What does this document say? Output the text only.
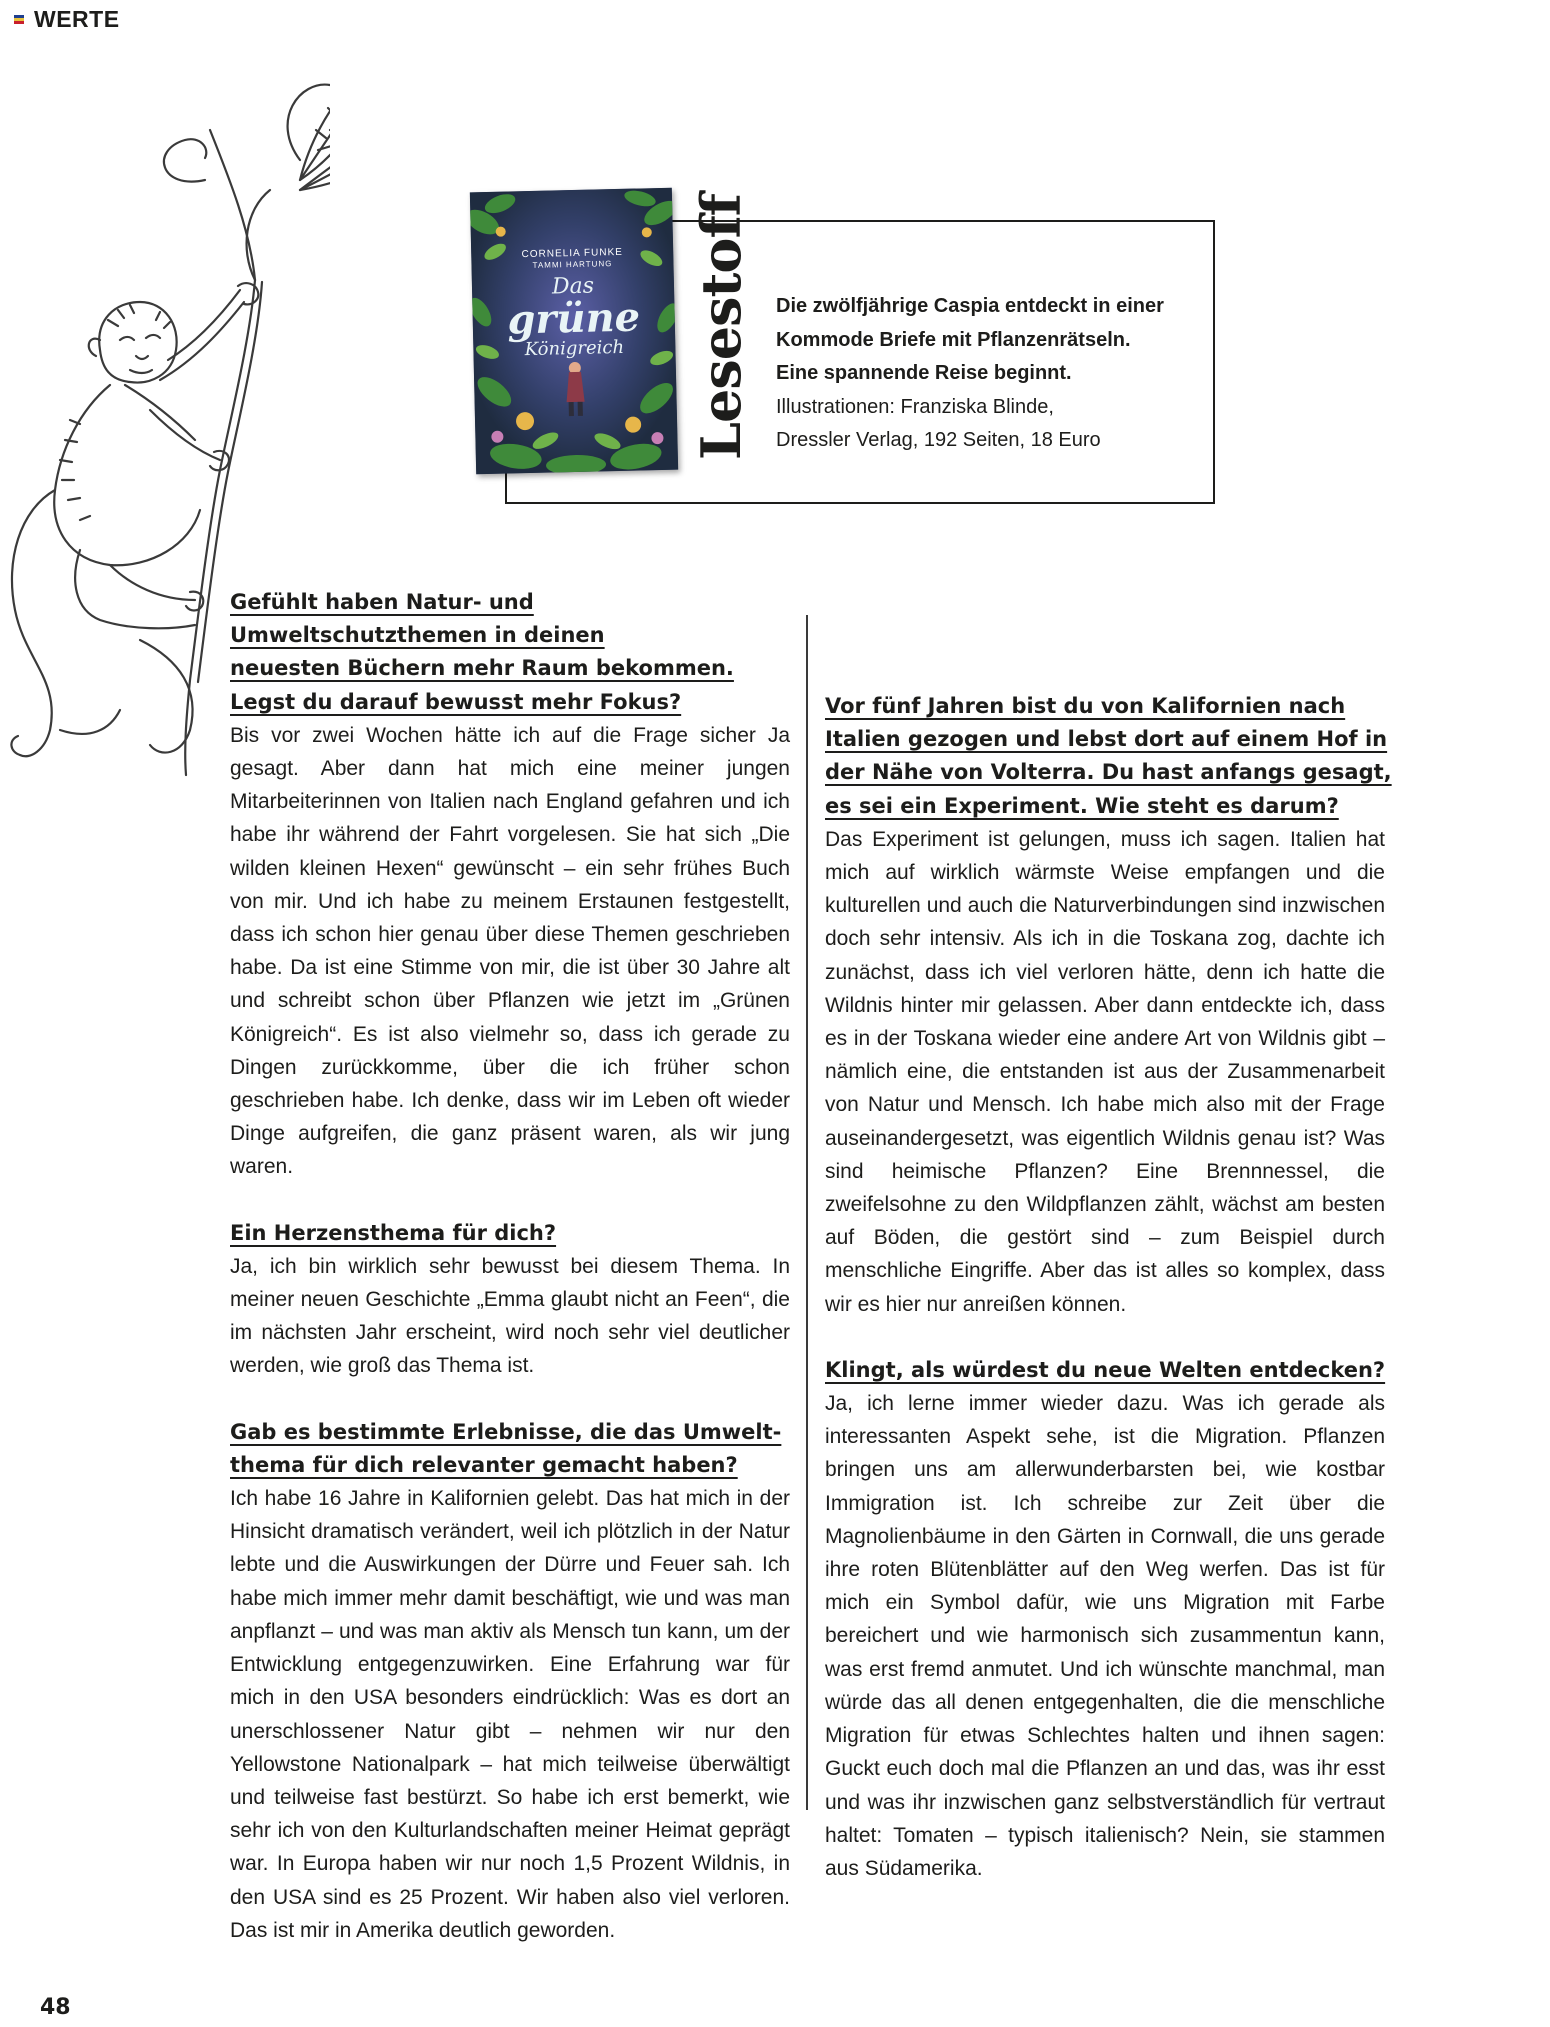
WERTE
CORNELIA FUNKE
TAMMI HARTUNG
Das
grüne
Königreich	Lesestoff Die zwölfjährige Caspia entdeckt in einer
Kommode Briefe mit Pflanzenrätseln.
Eine spannende Reise beginnt.
Illustrationen: Franziska Blinde,
Dressler Verlag, 192 Seiten, 18 Euro
Gefühlt haben Natur- und
Umweltschutzthemen in deinen
neuesten Büchern mehr Raum bekommen.
Legst du darauf bewusst mehr Fokus?
Bis vor zwei Wochen hätte ich auf die Frage sicher Ja gesagt. Aber dann hat mich eine meiner jungen Mitarbeiterinnen von Italien nach England gefahren und ich habe ihr während der Fahrt vorgelesen. Sie hat sich „Die wilden kleinen Hexen“ gewünscht – ein sehr frühes Buch von mir. Und ich habe zu meinem Erstaunen festgestellt, dass ich schon hier genau über diese Themen geschrieben habe. Da ist eine Stimme von mir, die ist über 30 Jahre alt und schreibt schon über Pflanzen wie jetzt im „Grünen Königreich“. Es ist also vielmehr so, dass ich gerade zu Dingen zurückkomme, über die ich früher schon geschrieben habe. Ich denke, dass wir im Leben oft wieder Dinge aufgreifen, die ganz präsent waren, als wir jung waren.
Ein Herzensthema für dich?
Ja, ich bin wirklich sehr bewusst bei diesem Thema. In meiner neuen Geschichte „Emma glaubt nicht an Feen“, die im nächsten Jahr erscheint, wird noch sehr viel deutlicher werden, wie groß das Thema ist.
Gab es bestimmte Erlebnisse, die das Umwelt-
thema für dich relevanter gemacht haben?
Ich habe 16 Jahre in Kalifornien gelebt. Das hat mich in der Hinsicht dramatisch verändert, weil ich plötzlich in der Natur lebte und die Auswirkungen der Dürre und Feuer sah. Ich habe mich immer mehr damit beschäftigt, wie und was man anpflanzt – und was man aktiv als Mensch tun kann, um der Entwicklung entgegenzuwirken. Eine Erfahrung war für mich in den USA besonders eindrücklich: Was es dort an unerschlossener Natur gibt – nehmen wir nur den Yellowstone Nationalpark – hat mich teilweise überwältigt und teilweise fast bestürzt. So habe ich erst bemerkt, wie sehr ich von den Kulturlandschaften meiner Heimat geprägt war. In Europa haben wir nur noch 1,5 Prozent Wildnis, in den USA sind es 25 Prozent. Wir haben also viel verloren. Das ist mir in Amerika deutlich geworden.
Vor fünf Jahren bist du von Kalifornien nach
Italien gezogen und lebst dort auf einem Hof in
der Nähe von Volterra. Du hast anfangs gesagt,
es sei ein Experiment. Wie steht es darum?
Das Experiment ist gelungen, muss ich sagen. Italien hat mich auf wirklich wärmste Weise empfangen und die kulturellen und auch die Naturverbindungen sind inzwischen doch sehr intensiv. Als ich in die Toskana zog, dachte ich zunächst, dass ich viel verloren hätte, denn ich hatte die Wildnis hinter mir gelassen. Aber dann entdeckte ich, dass es in der Toskana wieder eine andere Art von Wildnis gibt – nämlich eine, die entstanden ist aus der Zusammenarbeit von Natur und Mensch. Ich habe mich also mit der Frage auseinandergesetzt, was eigentlich Wildnis genau ist? Was sind heimische Pflanzen? Eine Brennnessel, die zweifelsohne zu den Wildpflanzen zählt, wächst am besten auf Böden, die gestört sind – zum Beispiel durch menschliche Eingriffe. Aber das ist alles so komplex, dass wir es hier nur anreißen können.
Klingt, als würdest du neue Welten entdecken?
Ja, ich lerne immer wieder dazu. Was ich gerade als interessanten Aspekt sehe, ist die Migration. Pflanzen bringen uns am allerwunderbarsten bei, wie kostbar Immigration ist. Ich schreibe zur Zeit über die Magnolienbäume in den Gärten in Cornwall, die uns gerade ihre roten Blütenblätter auf den Weg werfen. Das ist für mich ein Symbol dafür, wie uns Migration mit Farbe bereichert und wie harmonisch sich zusammentun kann, was erst fremd anmutet. Und ich wünschte manchmal, man würde das all denen entgegenhalten, die die menschliche Migration für etwas Schlechtes halten und ihnen sagen: Guckt euch doch mal die Pflanzen an und das, was ihr esst und was ihr inzwischen ganz selbstverständlich für vertraut haltet: Tomaten – typisch italienisch? Nein, sie stammen aus Südamerika.
48
